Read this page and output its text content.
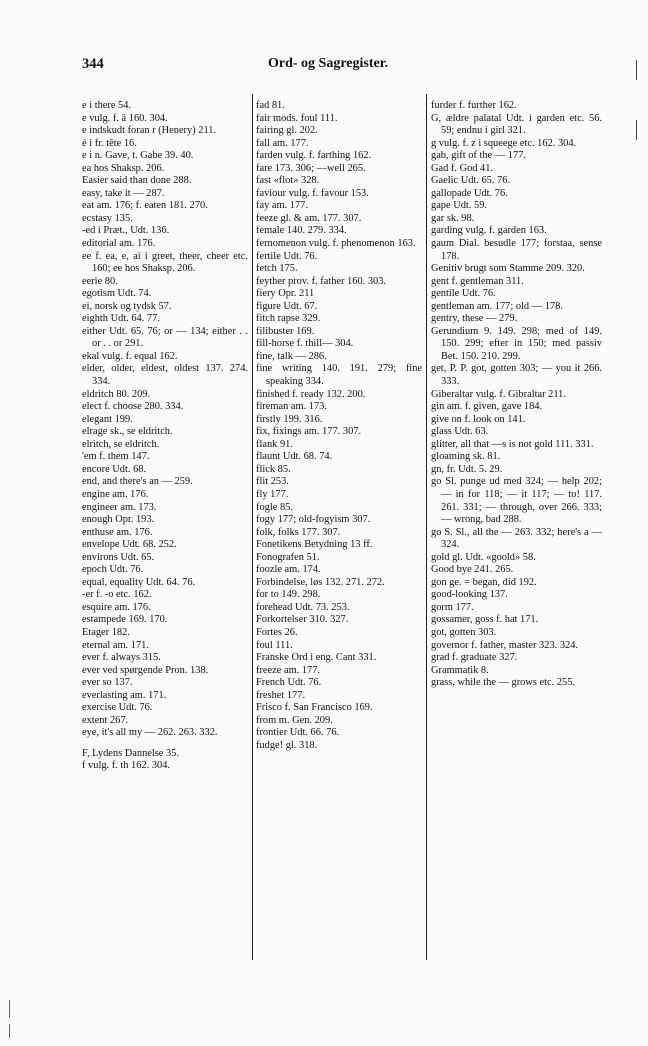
344	Ord- og Sagregister.
e i there 54.
e vulg. f. ä 160. 304.
e indskudt foran r (Henery) 211.
é i fr. tête 16.
e i n. Gave, t. Gabe 39. 40.
ea hos Shaksp. 206.
Easier said than done 288.
easy, take it — 287.
eat am. 176; f. eaten 181. 270.
ecstasy 135.
-ed i Præt., Udt. 136.
editorial am. 176.
ee f. ea, e, ai i greet, theer, cheer etc. 160; ee hos Shaksp. 206.
eerie 80.
egotism Udt. 74.
ei, norsk og tydsk 57.
eighth Udt. 64. 77.
either Udt. 65. 76; or — 134; either . . or . . or 291.
ekal vulg. f. equal 162.
elder, older, eldest, oldest 137. 274. 334.
eldritch 80. 209.
elect f. choose 280. 334.
elegant 199.
elrage sk., se eldritch.
elritch, se eldritch.
'em f. them 147.
encore Udt. 68.
end, and there's an — 259.
engine am. 176.
engineer am. 173.
enough Opr. 193.
enthuse am. 176.
envelope Udt. 68. 252.
environs Udt. 65.
epoch Udt. 76.
equal, equality Udt. 64. 76.
-er f. -o etc. 162.
esquire am. 176.
estampede 169. 170.
Etager 182.
eternal am. 171.
ever f. always 315.
ever ved spørgende Pron. 138.
ever so 137.
everlasting am. 171.
exercise Udt. 76.
extent 267.
eye, it's all my — 262. 263. 332.
F, Lydens Dannelse 35.
f vulg. f. th 162. 304.
fad 81.
fair mods. foul 111.
fairing gl. 202.
fall am. 177.
farden vulg. f. farthing 162.
fare 173. 306; —well 265.
fast «flot» 328.
faviour vulg. f. favour 153.
fay am. 177.
feeze gl. & am. 177. 307.
female 140. 279. 334.
fernomenon vulg. f. phenomenon 163.
fertile Udt. 76.
fetch 175.
feyther prov. f. father 160. 303.
fiery Opr. 211
figure Udt. 67.
fitch rapse 329.
filibuster 169.
fill-horse f. thill— 304.
fine, talk — 286.
fine writing 140. 191. 279; fine speaking 334.
finished f. ready 132. 200.
fireman am. 173.
firstly 199. 316.
fix, fixings am. 177. 307.
flank 91.
flaunt Udt. 68. 74.
flick 85.
flit 253.
fly 177.
fogle 85.
fogy 177; old-fogyism 307.
folk, folks 177. 307.
Fonetikens Betydning 13 ff.
Fonografen 51.
foozle am. 174.
Forbindelse, løs 132. 271. 272.
for to 149. 298.
forehead Udt. 73. 253.
Forkortelser 310. 327.
Fortes 26.
foul 111.
Franske Ord i eng. Cant 331.
freeze am. 177.
French Udt. 76.
freshet 177.
Frisco f. San Francisco 169.
from m. Gen. 209.
frontier Udt. 66. 76.
fudge! gl. 318.
furder f. further 162.
G, ældre palatal Udt. i garden etc. 56. 59; endnu i girl 321.
g vulg. f. z i squeege etc. 162. 304.
gab, gift of the — 177.
Gad f. God 41.
Gaelic Udt. 65. 76.
gallopade Udt. 76.
gape Udt. 59.
gar sk. 98.
garding vulg. f. garden 163.
gaum Dial. besudle 177; forstaa, sense 178.
Genitiv brugt som Stamme 209. 320.
gent f. gentleman 311.
gentile Udt. 76.
gentleman am. 177; old — 178.
gentry, these — 279.
Gerundium 9. 149. 298; med of 149. 150. 299; efter in 150; med passiv Bet. 150. 210. 299.
get, P. P. got, gotten 303; — you it 266. 333.
Giberaltar vulg. f. Gibraltar 211.
gin am. f. given, gave 184.
give on f. look on 141.
glass Udt. 63.
glitter, all that —s is not gold 111. 331.
gloaming sk. 81.
gn, fr. Udt. 5. 29.
go Sl. punge ud med 324; — help 202; — in for 118; — it 117; — to! 117. 261. 331; — through, over 266. 333; — wrong, bad 288.
go S. Sl., all the — 263. 332; here's a — 324.
gold gl. Udt. «goold» 58.
Good bye 241. 265.
gon ge. = began, did 192.
good-looking 137.
gorm 177.
gossamer, goss f. hat 171.
got, gotten 303.
governor f. father, master 323. 324.
grad f. graduate 327.
Grammatik 8.
grass, while the — grows etc. 255.
